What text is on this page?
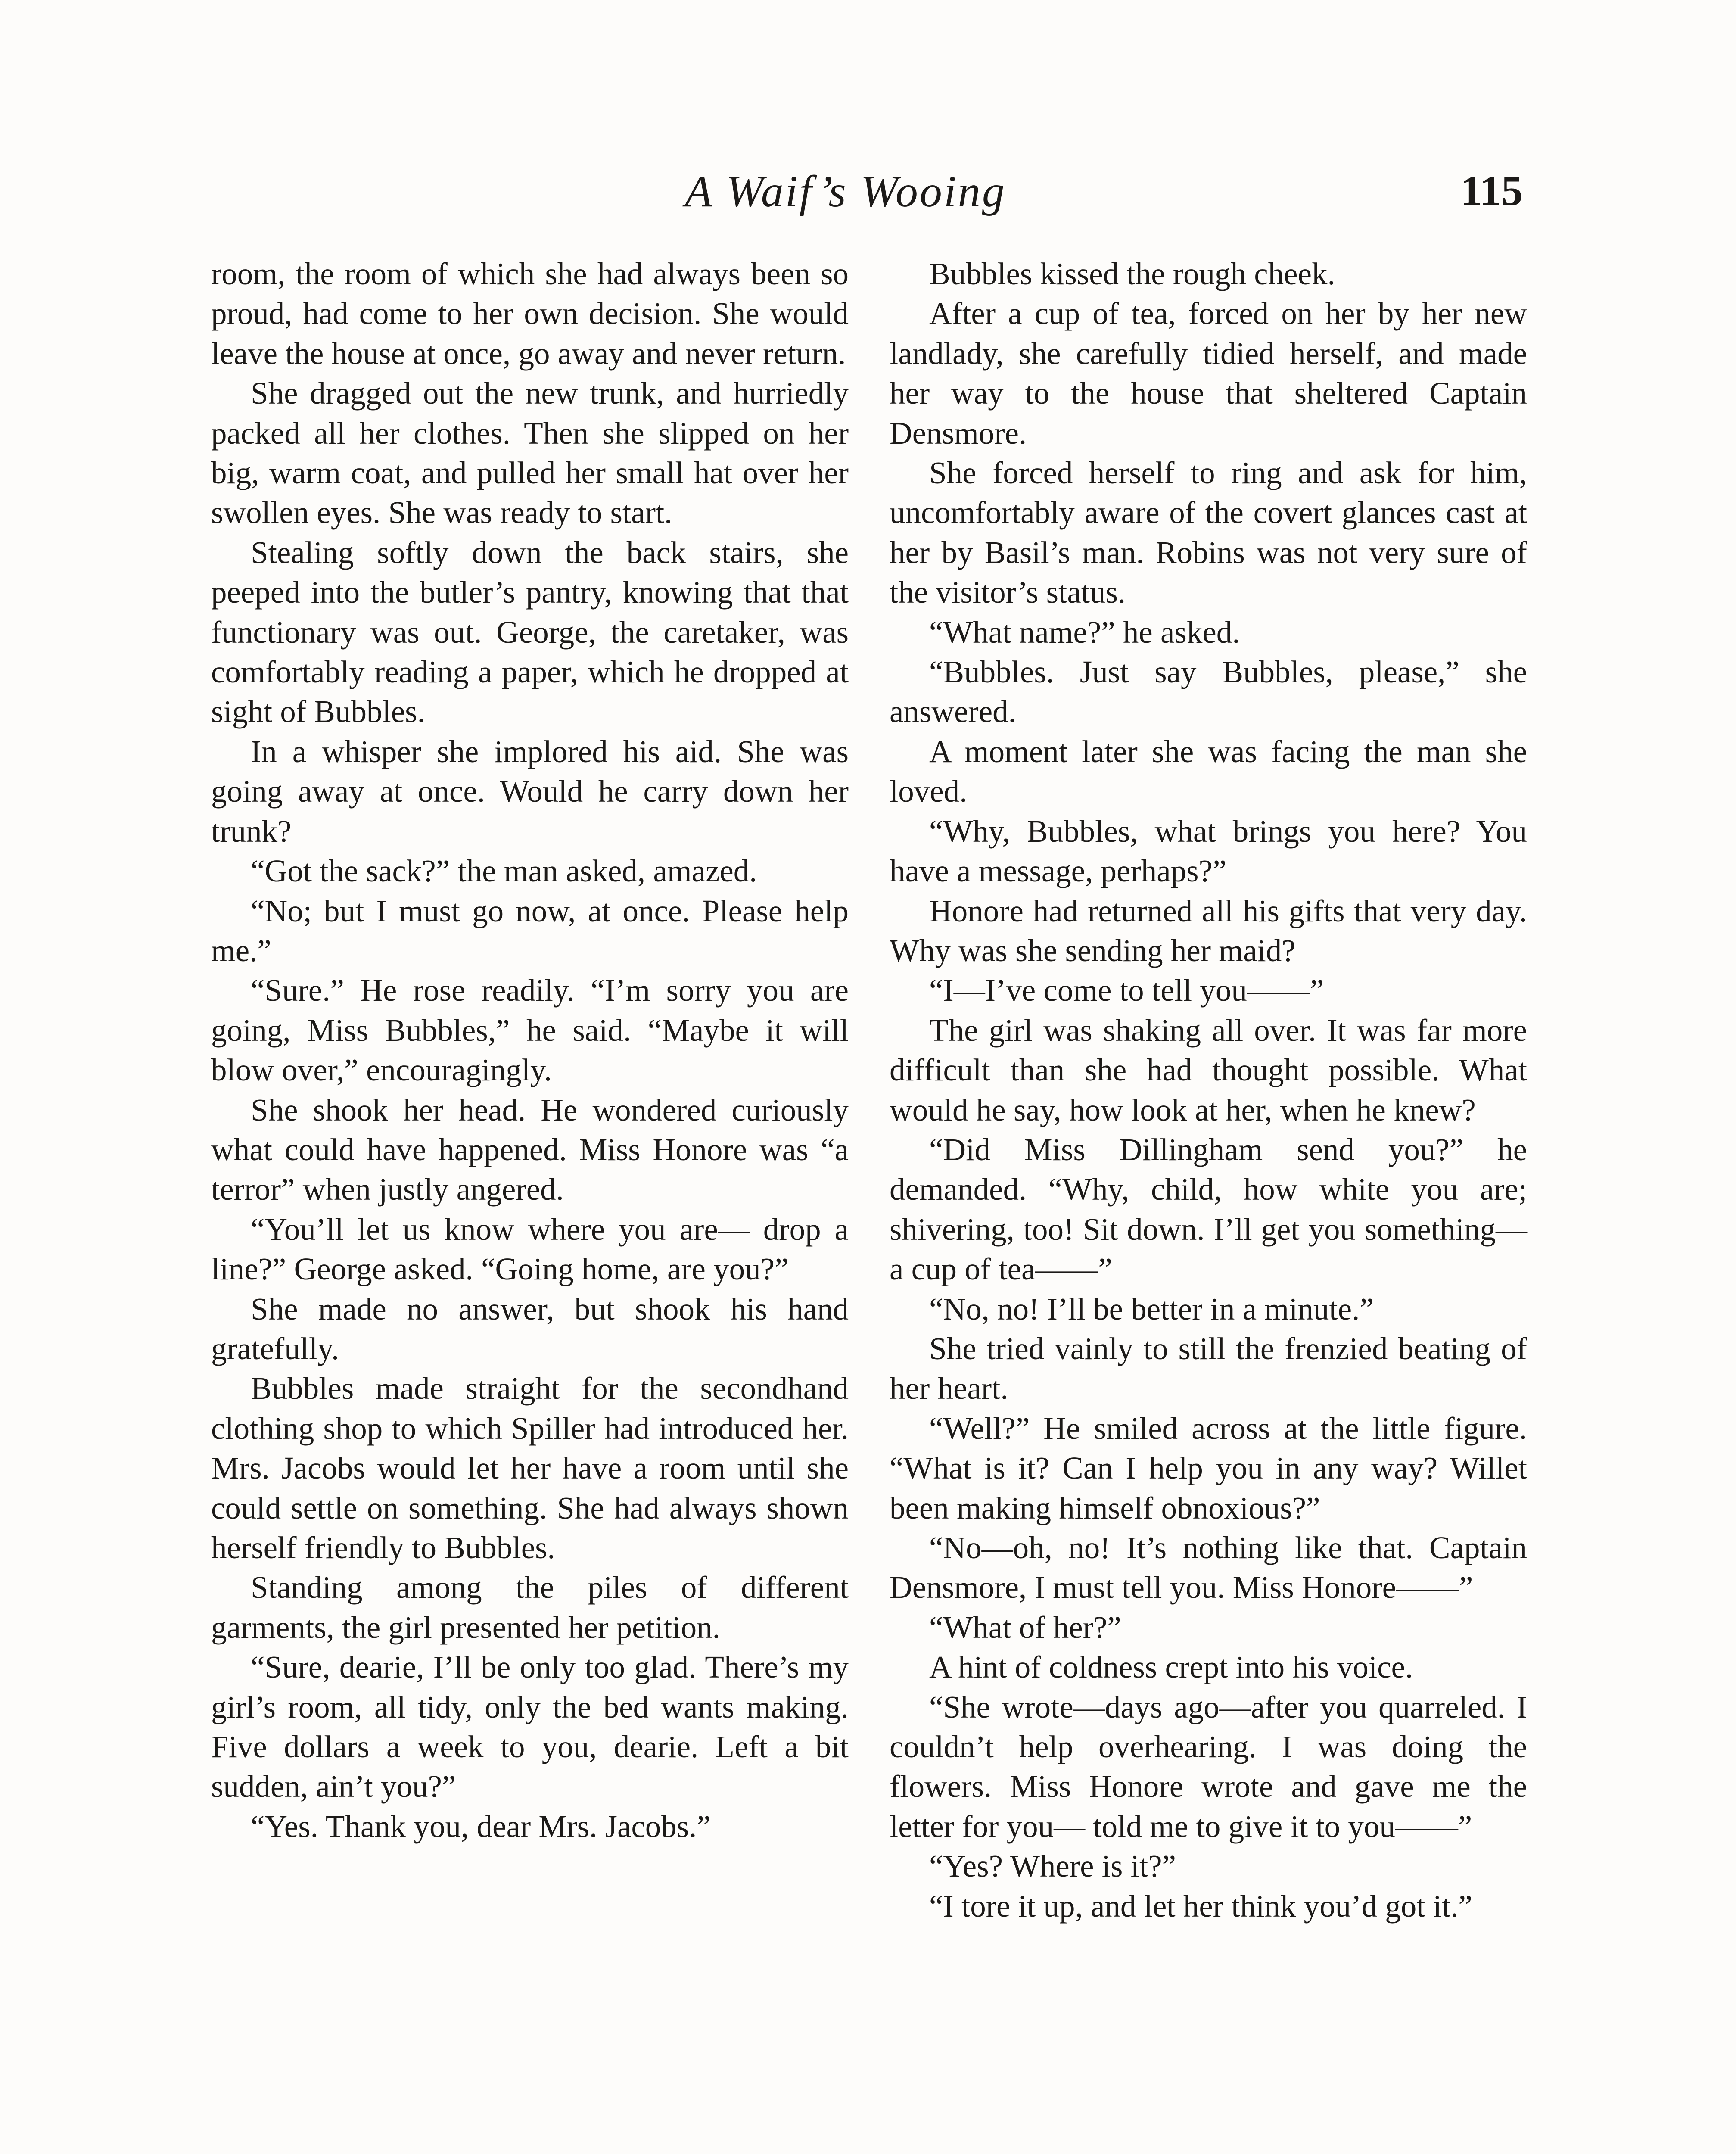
A Waif’s Wooing	115

room, the room of which she had always been so proud, had come to her own decision. She would leave the house at once, go away and never return.

She dragged out the new trunk, and hurriedly packed all her clothes. Then she slipped on her big, warm coat, and pulled her small hat over her swollen eyes. She was ready to start.

Stealing softly down the back stairs, she peeped into the butler’s pantry, knowing that that functionary was out. George, the caretaker, was comfortably reading a paper, which he dropped at sight of Bubbles.

In a whisper she implored his aid. She was going away at once. Would he carry down her trunk?

“Got the sack?” the man asked, amazed.

“No; but I must go now, at once. Please help me.”

“Sure.” He rose readily. “I’m sorry you are going, Miss Bubbles,” he said. “Maybe it will blow over,” encouragingly.

She shook her head. He wondered curiously what could have happened. Miss Honore was “a terror” when justly angered.

“You’ll let us know where you are— drop a line?” George asked. “Going home, are you?”

She made no answer, but shook his hand gratefully.

Bubbles made straight for the secondhand clothing shop to which Spiller had introduced her. Mrs. Jacobs would let her have a room until she could settle on something. She had always shown herself friendly to Bubbles.

Standing among the piles of different garments, the girl presented her petition.

“Sure, dearie, I’ll be only too glad. There’s my girl’s room, all tidy, only the bed wants making. Five dollars a week to you, dearie. Left a bit sudden, ain’t you?”

“Yes. Thank you, dear Mrs. Jacobs.”

Bubbles kissed the rough cheek.

After a cup of tea, forced on her by her new landlady, she carefully tidied herself, and made her way to the house that sheltered Captain Densmore.

She forced herself to ring and ask for him, uncomfortably aware of the covert glances cast at her by Basil’s man. Robins was not very sure of the visitor’s status.

“What name?” he asked.

“Bubbles. Just say Bubbles, please,” she answered.

A moment later she was facing the man she loved.

“Why, Bubbles, what brings you here? You have a message, perhaps?”

Honore had returned all his gifts that very day. Why was she sending her maid?

“I—I’ve come to tell you——”

The girl was shaking all over. It was far more difficult than she had thought possible. What would he say, how look at her, when he knew?

“Did Miss Dillingham send you?” he demanded. “Why, child, how white you are; shivering, too! Sit down. I’ll get you something—a cup of tea——”

“No, no! I’ll be better in a minute.”

She tried vainly to still the frenzied beating of her heart.

“Well?” He smiled across at the little figure. “What is it? Can I help you in any way? Willet been making himself obnoxious?”

“No—oh, no! It’s nothing like that. Captain Densmore, I must tell you. Miss Honore——”

“What of her?”

A hint of coldness crept into his voice.

“She wrote—days ago—after you quarreled. I couldn’t help overhearing. I was doing the flowers. Miss Honore wrote and gave me the letter for you— told me to give it to you——”

“Yes? Where is it?”

“I tore it up, and let her think you’d got it.”
